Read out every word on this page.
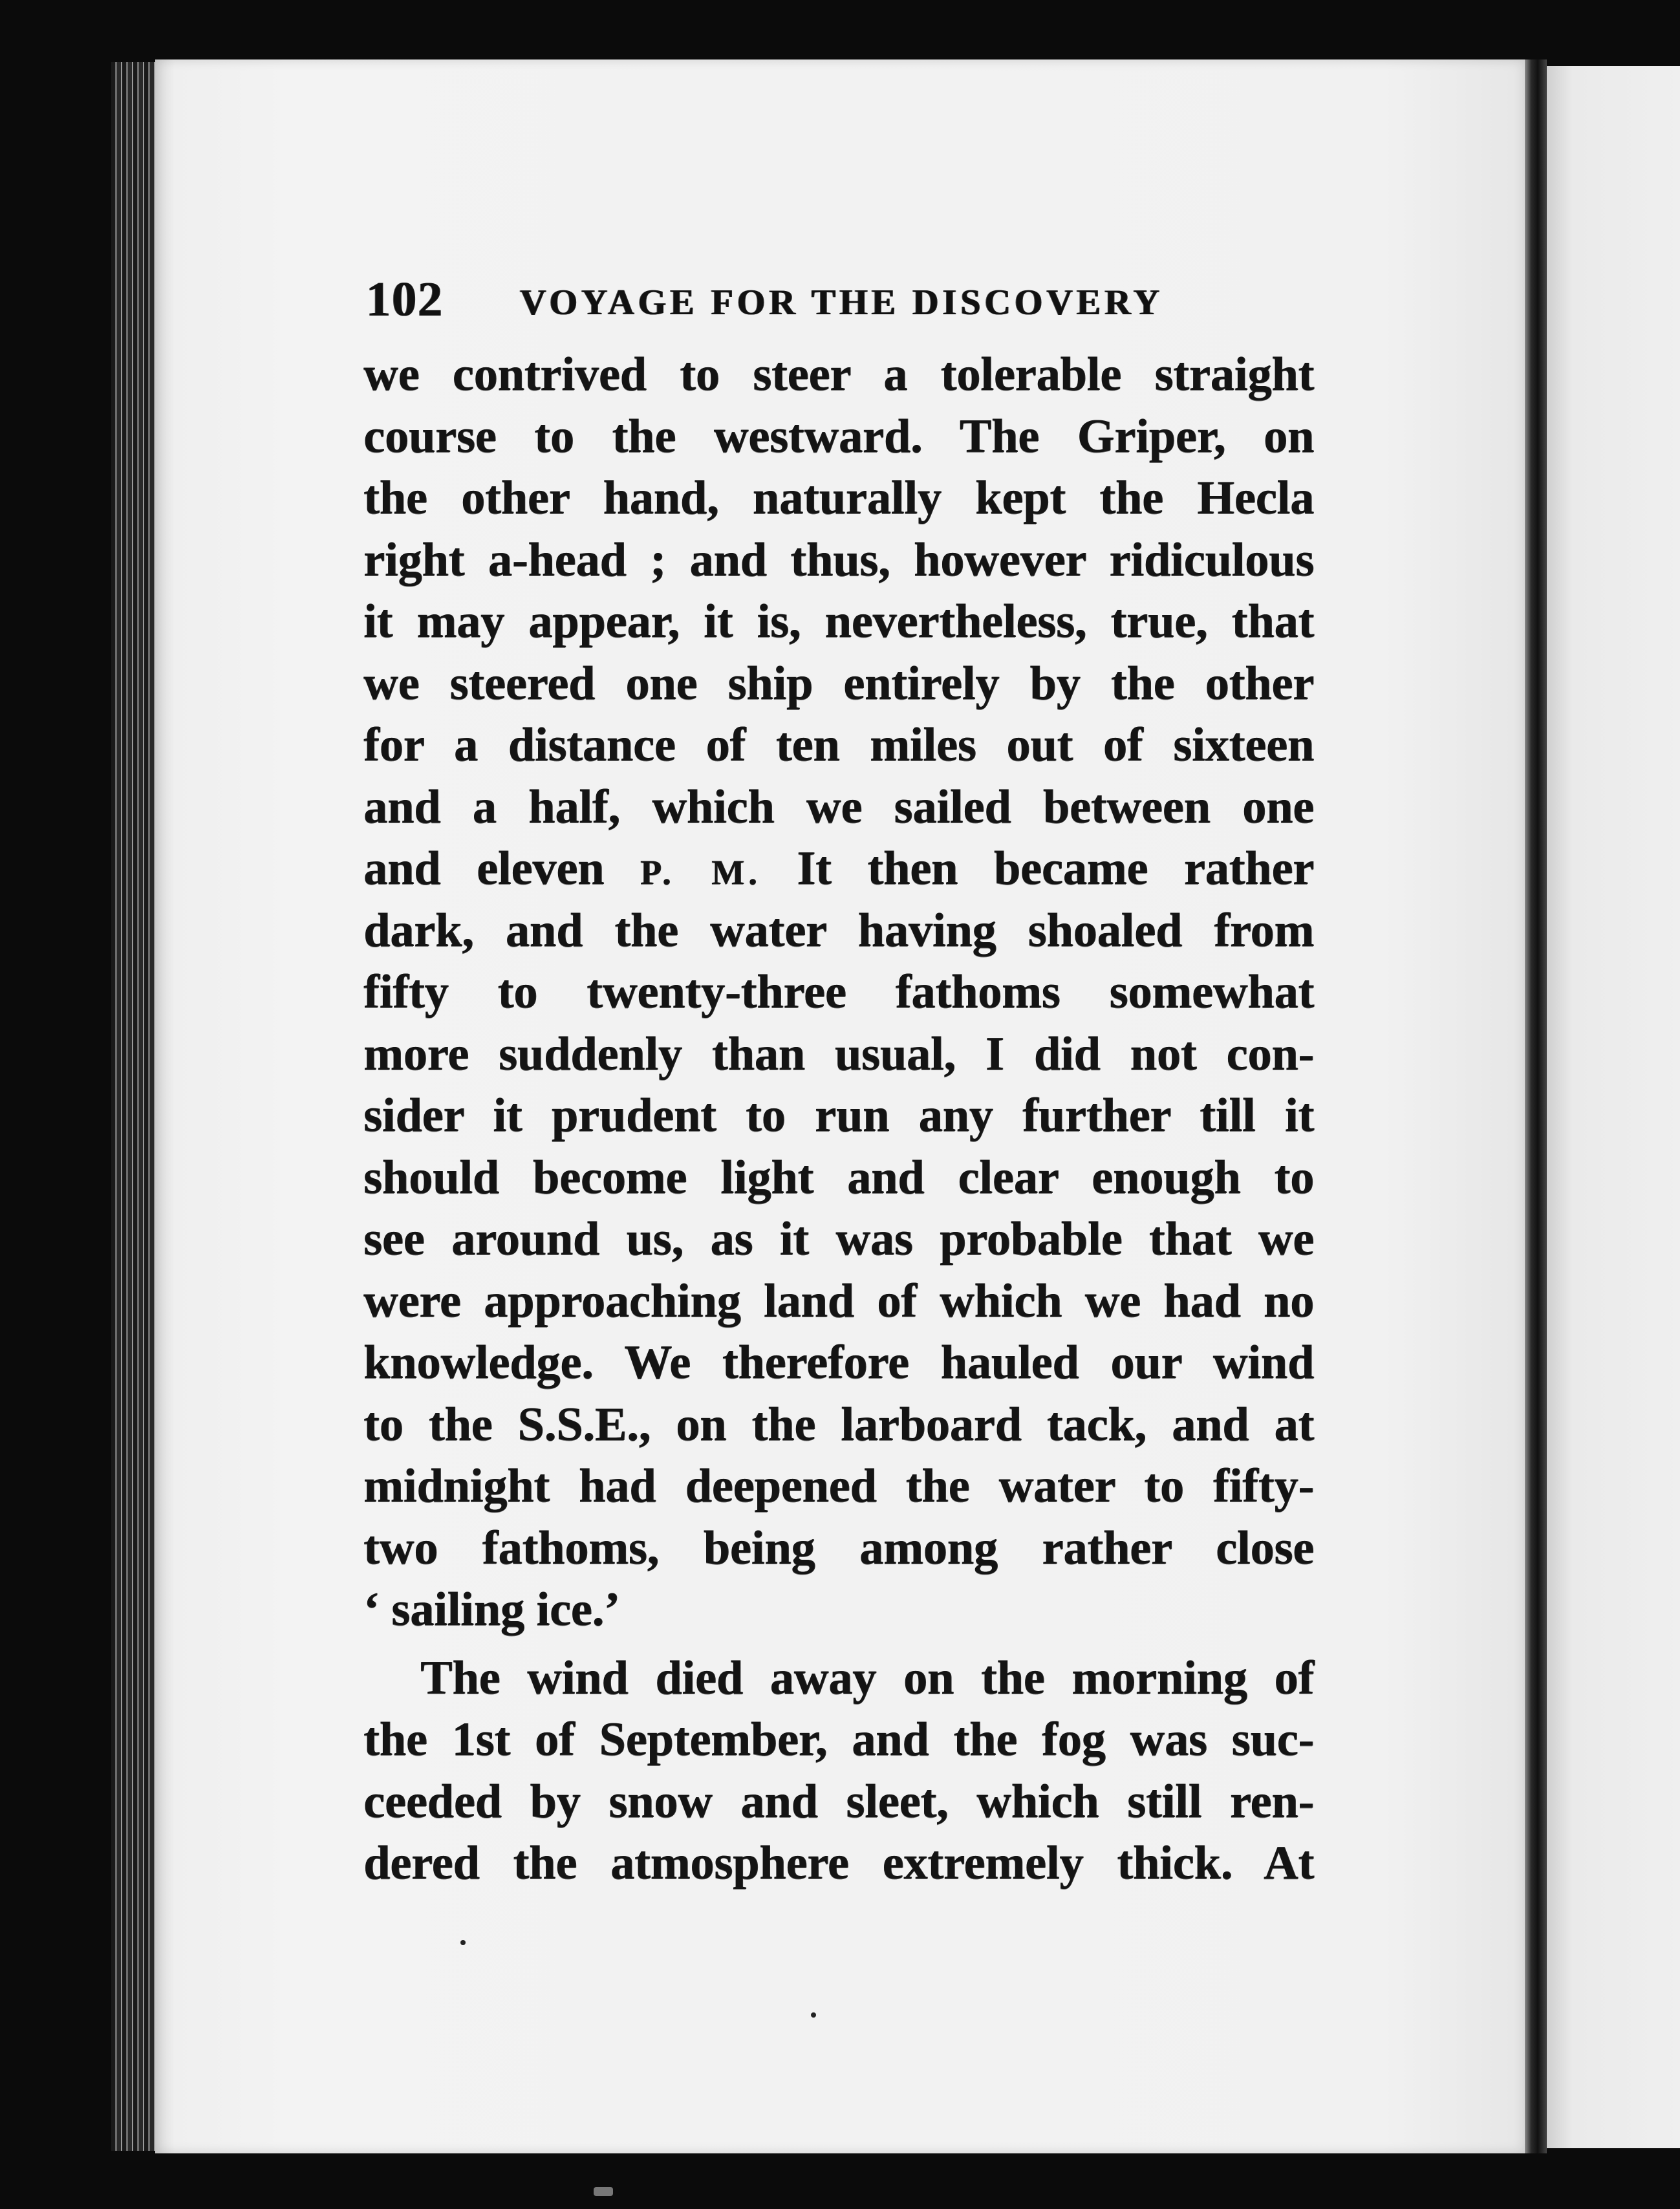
102 VOYAGE FOR THE DISCOVERY
we contrived to steer a tolerable straight
course to the westward. The Griper, on
the other hand, naturally kept the Hecla
right a-head ; and thus, however ridiculous
it may appear, it is, nevertheless, true, that
we steered one ship entirely by the other
for a distance of ten miles out of sixteen
and a half, which we sailed between one
and eleven P. M. It then became rather
dark, and the water having shoaled from
fifty to twenty-three fathoms somewhat
more suddenly than usual, I did not con-
sider it prudent to run any further till it
should become light and clear enough to
see around us, as it was probable that we
were approaching land of which we had no
knowledge. We therefore hauled our wind
to the S.S.E., on the larboard tack, and at
midnight had deepened the water to fifty-
two fathoms, being among rather close
‘ sailing ice.’
The wind died away on the morning of
the 1st of September, and the fog was suc-
ceeded by snow and sleet, which still ren-
dered the atmosphere extremely thick. At
